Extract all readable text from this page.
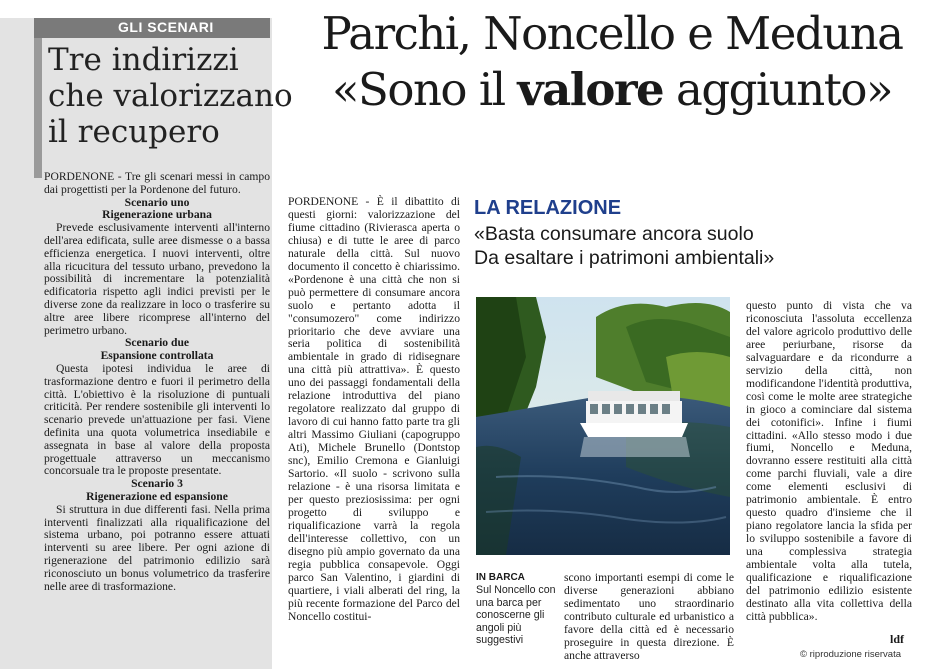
GLI SCENARI
Tre indirizzi
che valorizzano
il recupero

PORDENONE - Tre gli scenari messi in campo dai progettisti per la Pordenone del futuro.

Scenario uno
Rigenerazione urbana

Prevede esclusivamente interventi all'interno dell'area edificata, sulle aree dismesse o a bassa efficienza energetica. I nuovi interventi, oltre alla ricucitura del tessuto urbano, prevedono la possibilità di incrementare la potenzialità edificatoria rispetto agli indici previsti per le diverse zone da realizzare in loco o trasferire su altre aree libere ricomprese all'interno del perimetro urbano.

Scenario due
Espansione controllata

Questa ipotesi individua le aree di trasformazione dentro e fuori il perimetro della città. L'obiettivo è la risoluzione di puntuali criticità. Per rendere sostenibile gli interventi lo scenario prevede un'attuazione per fasi. Viene definita una quota volumetrica insediabile e assegnata in base al valore della proposta progettuale attraverso un meccanismo concorsuale tra le proposte presentate.

Scenario 3
Rigenerazione ed espansione

Si struttura in due differenti fasi. Nella prima interventi finalizzati alla riqualificazione del sistema urbano, poi potranno essere attuati interventi su aree libere. Per ogni azione di rigenerazione del patrimonio edilizio sarà riconosciuto un bonus volumetrico da trasferire nelle aree di trasformazione.

Parchi, Noncello e Meduna
«Sono il valore aggiunto»

PORDENONE - È il dibattito di questi giorni: valorizzazione del fiume cittadino (Rivierasca aperta o chiusa) e di tutte le aree di parco naturale della città. Sul nuovo documento il concetto è chiarissimo. «Pordenone è una città che non si può permettere di consumare ancora suolo e pertanto adotta il "consumozero" come indirizzo prioritario che deve avviare una seria politica di sostenibilità ambientale in grado di ridisegnare una città più attrattiva». È questo uno dei passaggi fondamentali della relazione introduttiva del piano regolatore realizzato dal gruppo di lavoro di cui hanno fatto parte tra gli altri Massimo Giuliani (capogruppo Ati), Michele Brunello (Dontstop snc), Emilio Cremona e Gianluigi Sartorio. «Il suolo - scrivono sulla relazione - è una risorsa limitata e per questo preziosissima: per ogni progetto di sviluppo e riqualificazione varrà la regola dell'interesse collettivo, con un disegno più ampio governato da una regia pubblica consapevole. Oggi parco San Valentino, i giardini di quartiere, i viali alberati del ring, la più recente formazione del Parco del Noncello costitui-

LA RELAZIONE
«Basta consumare ancora suolo
Da esaltare i patrimoni ambientali»
IN BARCA
Sul Noncello con una barca per conoscerne gli angoli più suggestivi

scono importanti esempi di come le diverse generazioni abbiano sedimentato uno straordinario contributo culturale ed urbanistico a favore della città ed è necessario proseguire in questa direzione. È anche attraverso

questo punto di vista che va riconosciuta l'assoluta eccellenza del valore agricolo produttivo delle aree periurbane, risorse da salvaguardare e da ricondurre a servizio della città, non modificandone l'identità produttiva, così come le molte aree strategiche in gioco a cominciare dal sistema dei cotonifici». Infine i fiumi cittadini. «Allo stesso modo i due fiumi, Noncello e Meduna, dovranno essere restituiti alla città come parchi fluviali, vale a dire come elementi esclusivi di patrimonio ambientale. È entro questo quadro d'insieme che il piano regolatore lancia la sfida per lo sviluppo sostenibile a favore di una complessiva strategia ambientale volta alla tutela, qualificazione e riqualificazione del patrimonio edilizio esistente destinato alla vita collettiva della città pubblica».

ldf
© riproduzione riservata
